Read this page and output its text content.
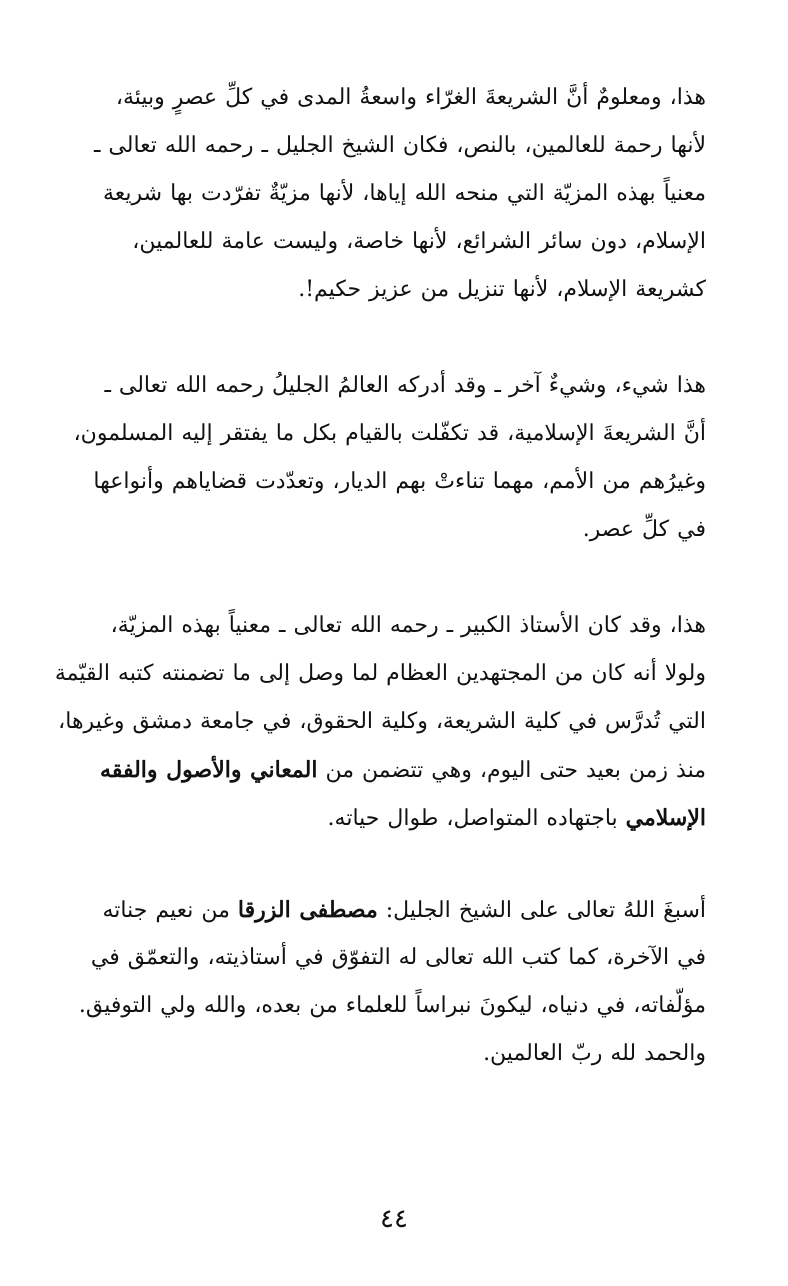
هذا، ومعلومٌ أنَّ الشريعةَ الغرّاء واسعةُ المدى في كلِّ عصرٍ وبيئة،
لأنها رحمة للعالمين، بالنص، فكان الشيخ الجليل ـ رحمه الله تعالى ـ
معنياً بهذه المزيّة التي منحه الله إياها، لأنها مزيّةٌ تفرّدت بها شريعة
الإسلام، دون سائر الشرائع، لأنها خاصة، وليست عامة للعالمين،
كشريعة الإسلام، لأنها تنزيل من عزيز حكيم!.
هذا شيء، وشيءٌ آخر ـ وقد أدركه العالمُ الجليلُ رحمه الله تعالى ـ
أنَّ الشريعةَ الإسلامية، قد تكفّلت بالقيام بكل ما يفتقر إليه المسلمون،
وغيرُهم من الأمم، مهما تناءتْ بهم الديار، وتعدّدت قضاياهم وأنواعها
في كلِّ عصر.
هذا، وقد كان الأستاذ الكبير ـ رحمه الله تعالى ـ معنياً بهذه المزيّة،
ولولا أنه كان من المجتهدين العظام لما وصل إلى ما تضمنته كتبه القيّمة
التي تُدرَّس في كلية الشريعة، وكلية الحقوق، في جامعة دمشق وغيرها،
منذ زمن بعيد حتى اليوم، وهي تتضمن من المعاني والأصول والفقه
الإسلامي باجتهاده المتواصل، طوال حياته.
أسبغَ اللهُ تعالى على الشيخ الجليل: مصطفى الزرقا من نعيم جناته
في الآخرة، كما كتب الله تعالى له التفوّق في أستاذيته، والتعمّق في
مؤلّفاته، في دنياه، ليكونَ نبراساً للعلماء من بعده، والله ولي التوفيق.
والحمد لله ربّ العالمين.
٤٤
